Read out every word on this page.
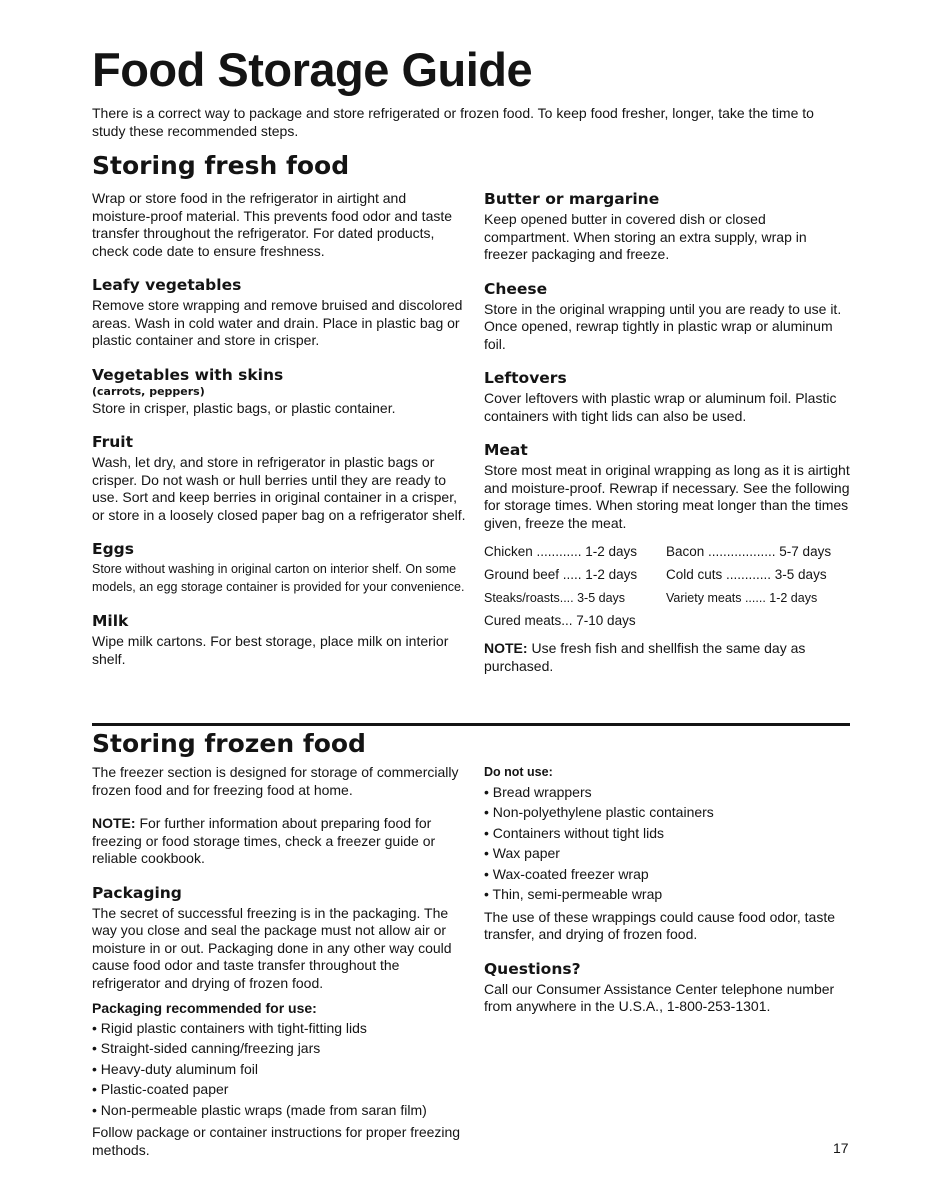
Food Storage Guide

There is a correct way to package and store refrigerated or frozen food. To keep food fresher, longer, take the time to study these recommended steps.

Storing fresh food

Wrap or store food in the refrigerator in airtight and moisture-proof material. This prevents food odor and taste transfer throughout the refrigerator. For dated products, check code date to ensure freshness.

Leafy vegetables

Remove store wrapping and remove bruised and discolored areas. Wash in cold water and drain. Place in plastic bag or plastic container and store in crisper.

Vegetables with skins
(carrots, peppers)

Store in crisper, plastic bags, or plastic container.

Fruit

Wash, let dry, and store in refrigerator in plastic bags or crisper. Do not wash or hull berries until they are ready to use. Sort and keep berries in original container in a crisper, or store in a loosely closed paper bag on a refrigerator shelf.

Eggs

Store without washing in original carton on interior shelf. On some models, an egg storage container is provided for your convenience.

Milk

Wipe milk cartons. For best storage, place milk on interior shelf.

Butter or margarine

Keep opened butter in covered dish or closed compartment. When storing an extra supply, wrap in freezer packaging and freeze.

Cheese

Store in the original wrapping until you are ready to use it. Once opened, rewrap tightly in plastic wrap or aluminum foil.

Leftovers

Cover leftovers with plastic wrap or aluminum foil. Plastic containers with tight lids can also be used.

Meat

Store most meat in original wrapping as long as it is airtight and moisture-proof. Rewrap if necessary. See the following for storage times. When storing meat longer than the times given, freeze the meat.

Chicken ............ 1-2 days	Bacon .................. 5-7 days
Ground beef ..... 1-2 days	Cold cuts ............ 3-5 days
Steaks/roasts.... 3-5 days	Variety meats ...... 1-2 days
Cured meats... 7-10 days	

NOTE: Use fresh fish and shellfish the same day as purchased.

Storing frozen food

The freezer section is designed for storage of commercially frozen food and for freezing food at home.

NOTE: For further information about preparing food for freezing or food storage times, check a freezer guide or reliable cookbook.

Packaging

The secret of successful freezing is in the packaging. The way you close and seal the package must not allow air or moisture in or out. Packaging done in any other way could cause food odor and taste transfer throughout the refrigerator and drying of frozen food.

Packaging recommended for use:

• Rigid plastic containers with tight-fitting lids
• Straight-sided canning/freezing jars
• Heavy-duty aluminum foil
• Plastic-coated paper
• Non-permeable plastic wraps (made from saran film)

Follow package or container instructions for proper freezing methods.

Do not use:

• Bread wrappers
• Non-polyethylene plastic containers
• Containers without tight lids
• Wax paper
• Wax-coated freezer wrap
• Thin, semi-permeable wrap

The use of these wrappings could cause food odor, taste transfer, and drying of frozen food.

Questions?

Call our Consumer Assistance Center telephone number from anywhere in the U.S.A., 1-800-253-1301.

17
